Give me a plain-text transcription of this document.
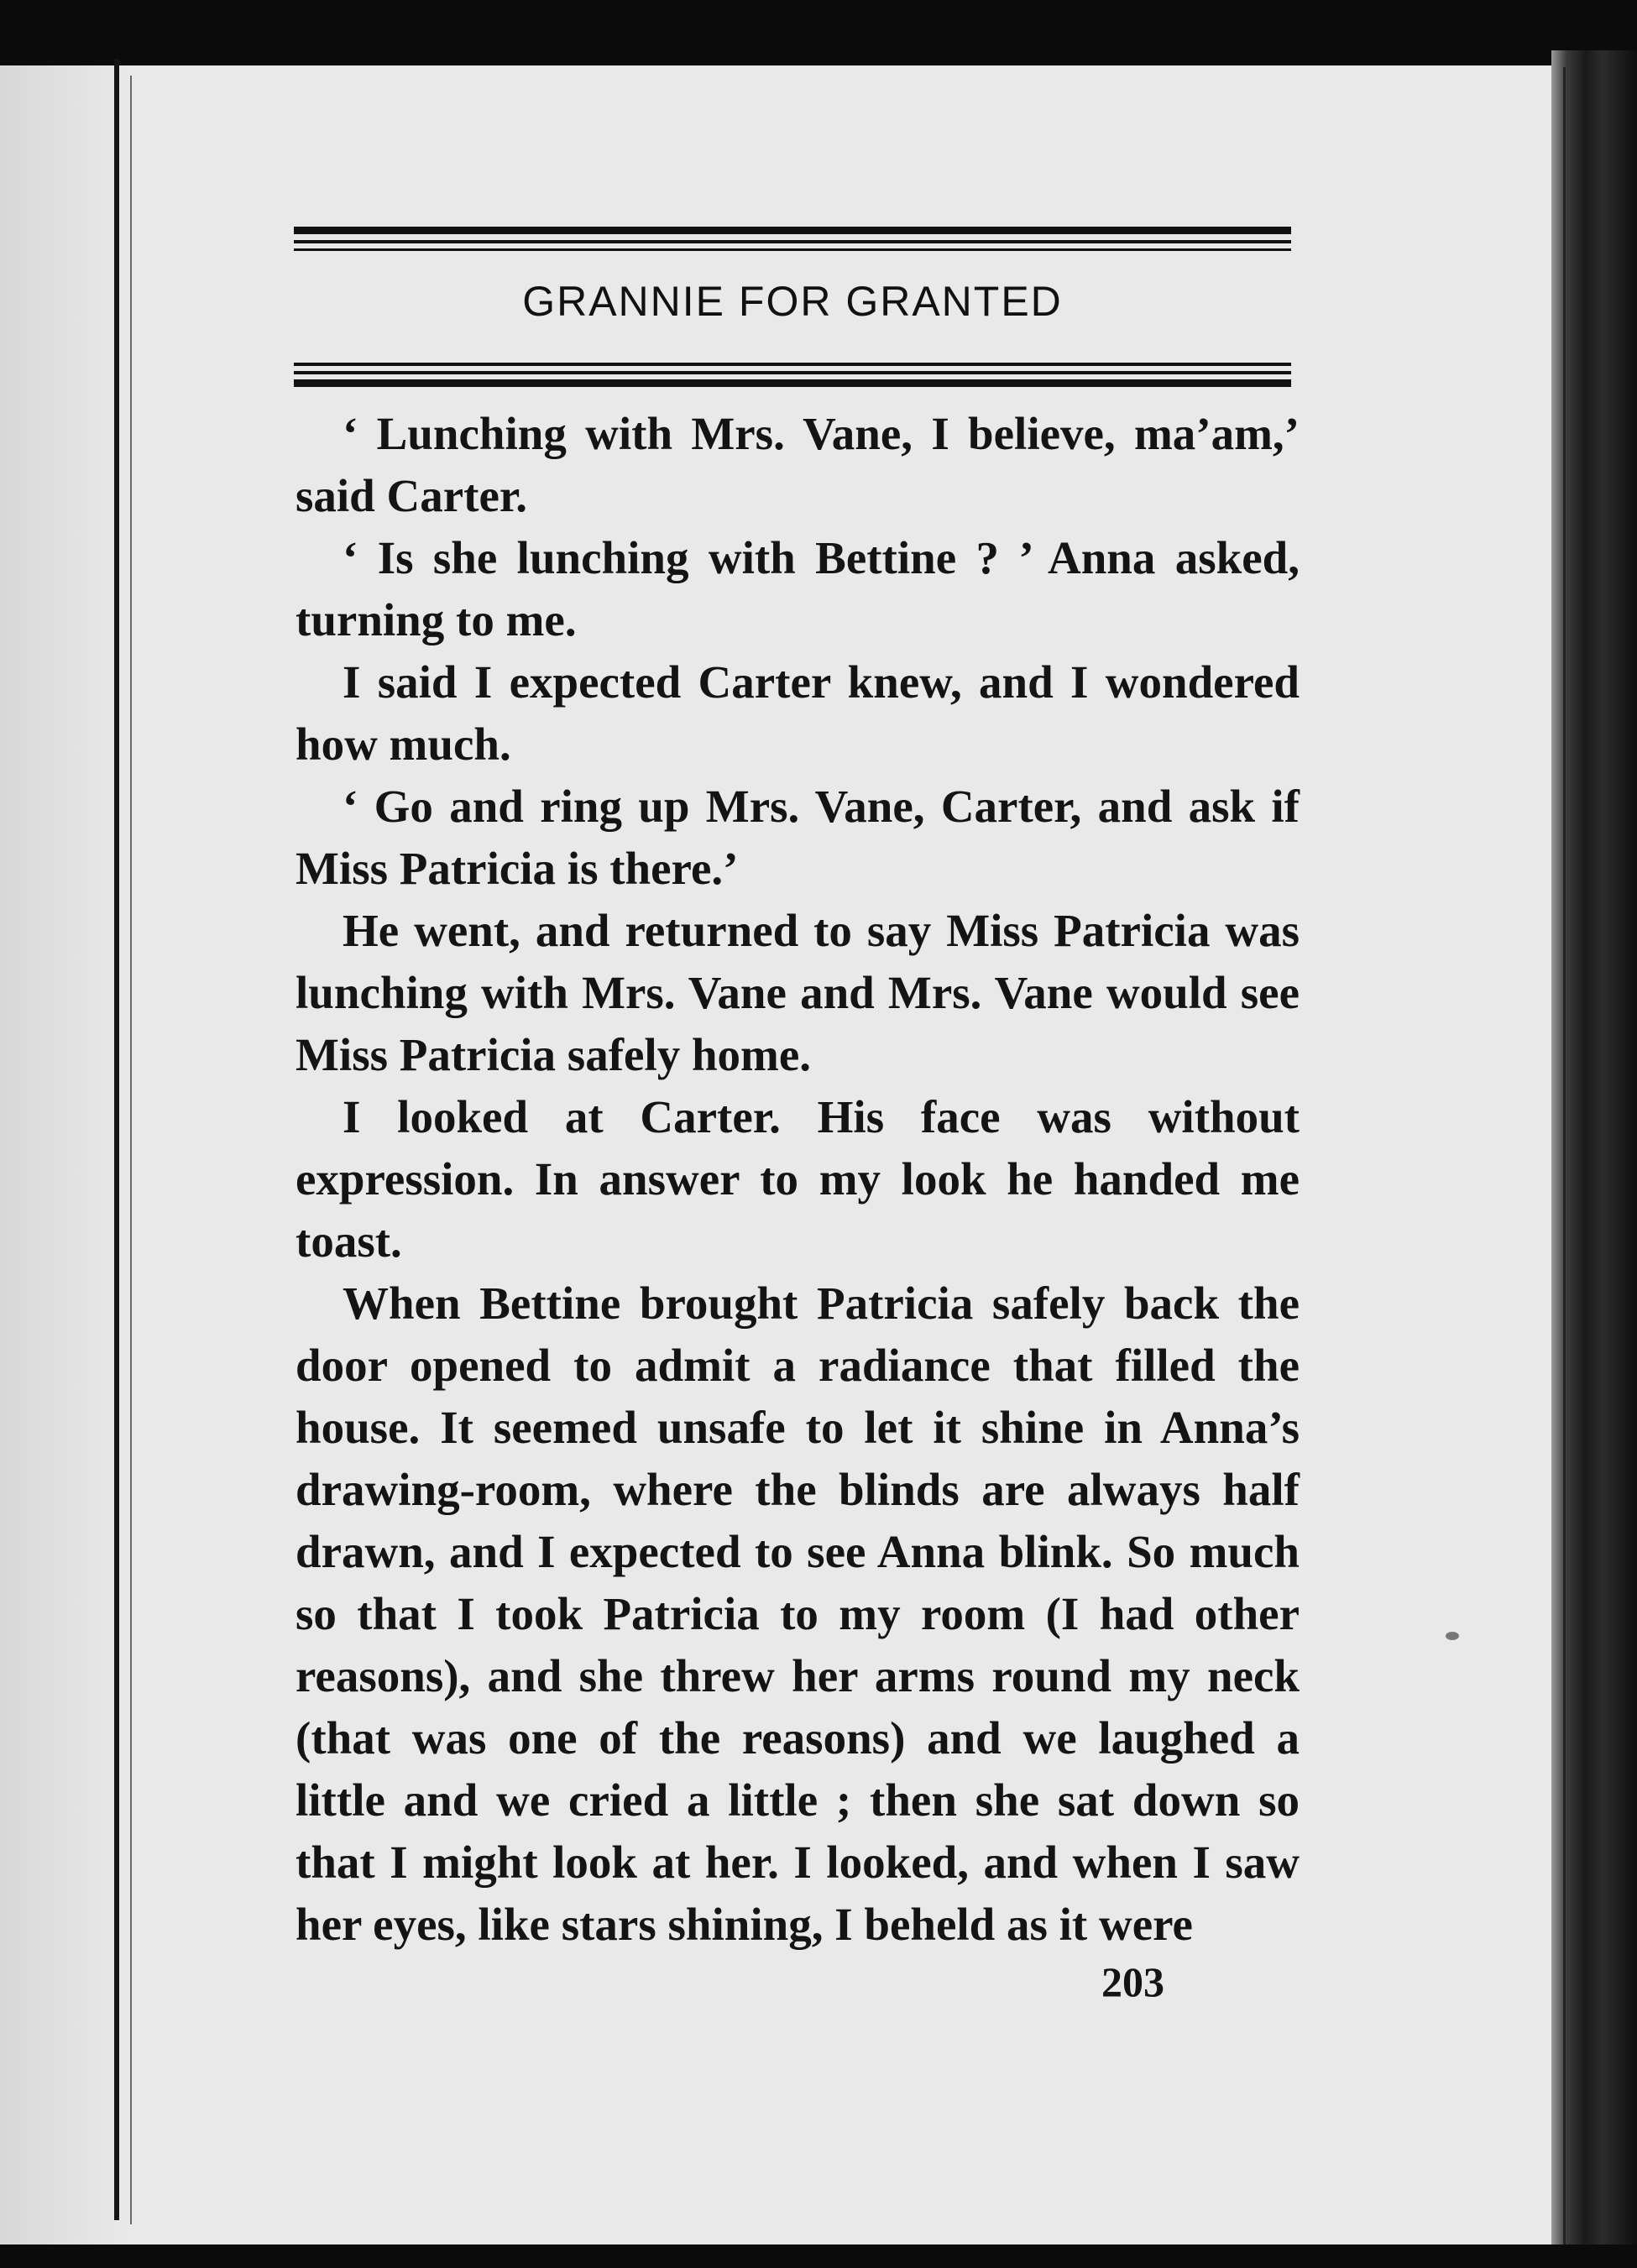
GRANNIE FOR GRANTED

‘ Lunching with Mrs. Vane, I believe, ma’am,’ said Carter.

‘ Is she lunching with Bettine ? ’ Anna asked, turning to me.

I said I expected Carter knew, and I wondered how much.

‘ Go and ring up Mrs. Vane, Carter, and ask if Miss Patricia is there.’

He went, and returned to say Miss Patricia was lunching with Mrs. Vane and Mrs. Vane would see Miss Patricia safely home.

I looked at Carter. His face was without expression. In answer to my look he handed me toast.

When Bettine brought Patricia safely back the door opened to admit a radiance that filled the house. It seemed unsafe to let it shine in Anna’s drawing-room, where the blinds are always half drawn, and I expected to see Anna blink. So much so that I took Patricia to my room (I had other reasons), and she threw her arms round my neck (that was one of the reasons) and we laughed a little and we cried a little ; then she sat down so that I might look at her. I looked, and when I saw her eyes, like stars shining, I beheld as it were

203
